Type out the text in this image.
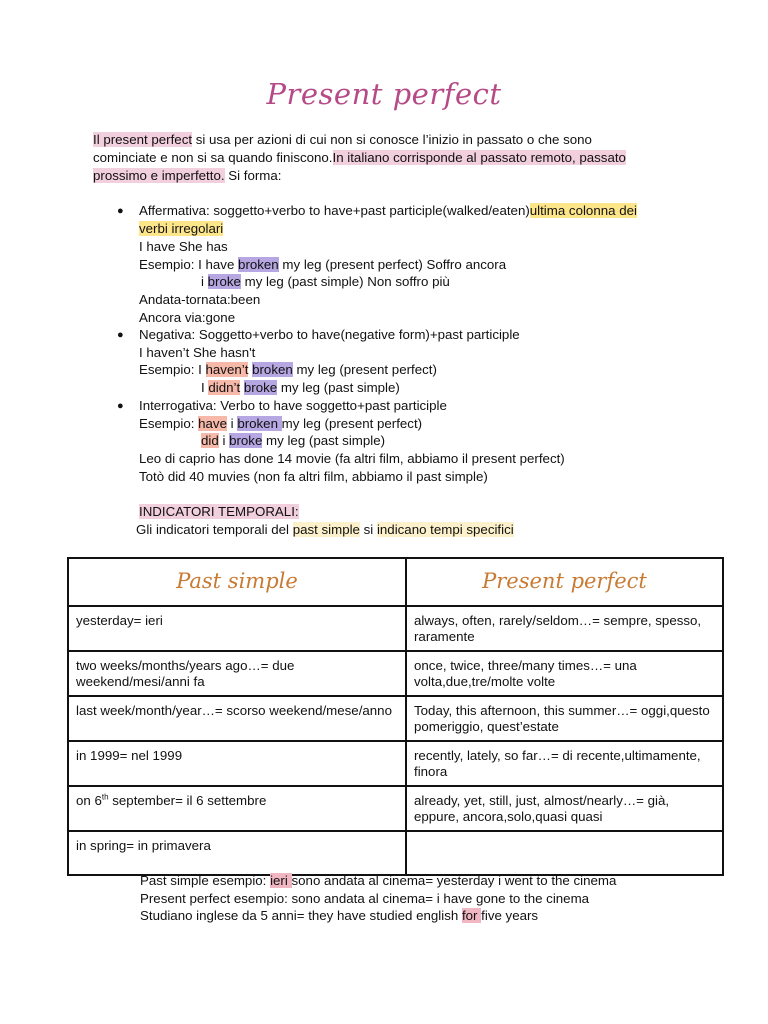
Present perfect
Il present perfect si usa per azioni di cui non si conosce l’inizio in passato o che sono
cominciate e non si sa quando finiscono.In italiano corrisponde al passato remoto, passato
prossimo e imperfetto. Si forma:
● Affermativa: soggetto+verbo to have+past participle(walked/eaten)ultima colonna dei
verbi irregolari
I have She has
Esempio: I have broken my leg (present perfect) Soffro ancora
i broke my leg (past simple) Non soffro più
Andata-tornata:been
Ancora via:gone
● Negativa: Soggetto+verbo to have(negative form)+past participle
I haven’t She hasn't
Esempio: I haven’t broken my leg (present perfect)
I didn’t broke my leg (past simple)
● Interrogativa: Verbo to have soggetto+past participle
Esempio: have i broken my leg (present perfect)
did i broke my leg (past simple)
Leo di caprio has done 14 movie (fa altri film, abbiamo il present perfect)
Totò did 40 muvies (non fa altri film, abbiamo il past simple)
INDICATORI TEMPORALI:
Gli indicatori temporali del past simple si indicano tempi specifici
Past simple	Present perfect
yesterday= ieri	always, often, rarely/seldom…= sempre, spesso, raramente
two weeks/months/years ago…= due weekend/mesi/anni fa	once, twice, three/many times…= una volta,due,tre/molte volte
last week/month/year…= scorso weekend/mese/anno	Today, this afternoon, this summer…= oggi,questo pomeriggio, quest’estate
in 1999= nel 1999	recently, lately, so far…= di recente,ultimamente, finora
on 6th september= il 6 settembre	already, yet, still, just, almost/nearly…= già, eppure, ancora,solo,quasi quasi
in spring= in primavera	
Past simple esempio: ieri sono andata al cinema= yesterday i went to the cinema
Present perfect esempio: sono andata al cinema= i have gone to the cinema
Studiano inglese da 5 anni= they have studied english for five years
